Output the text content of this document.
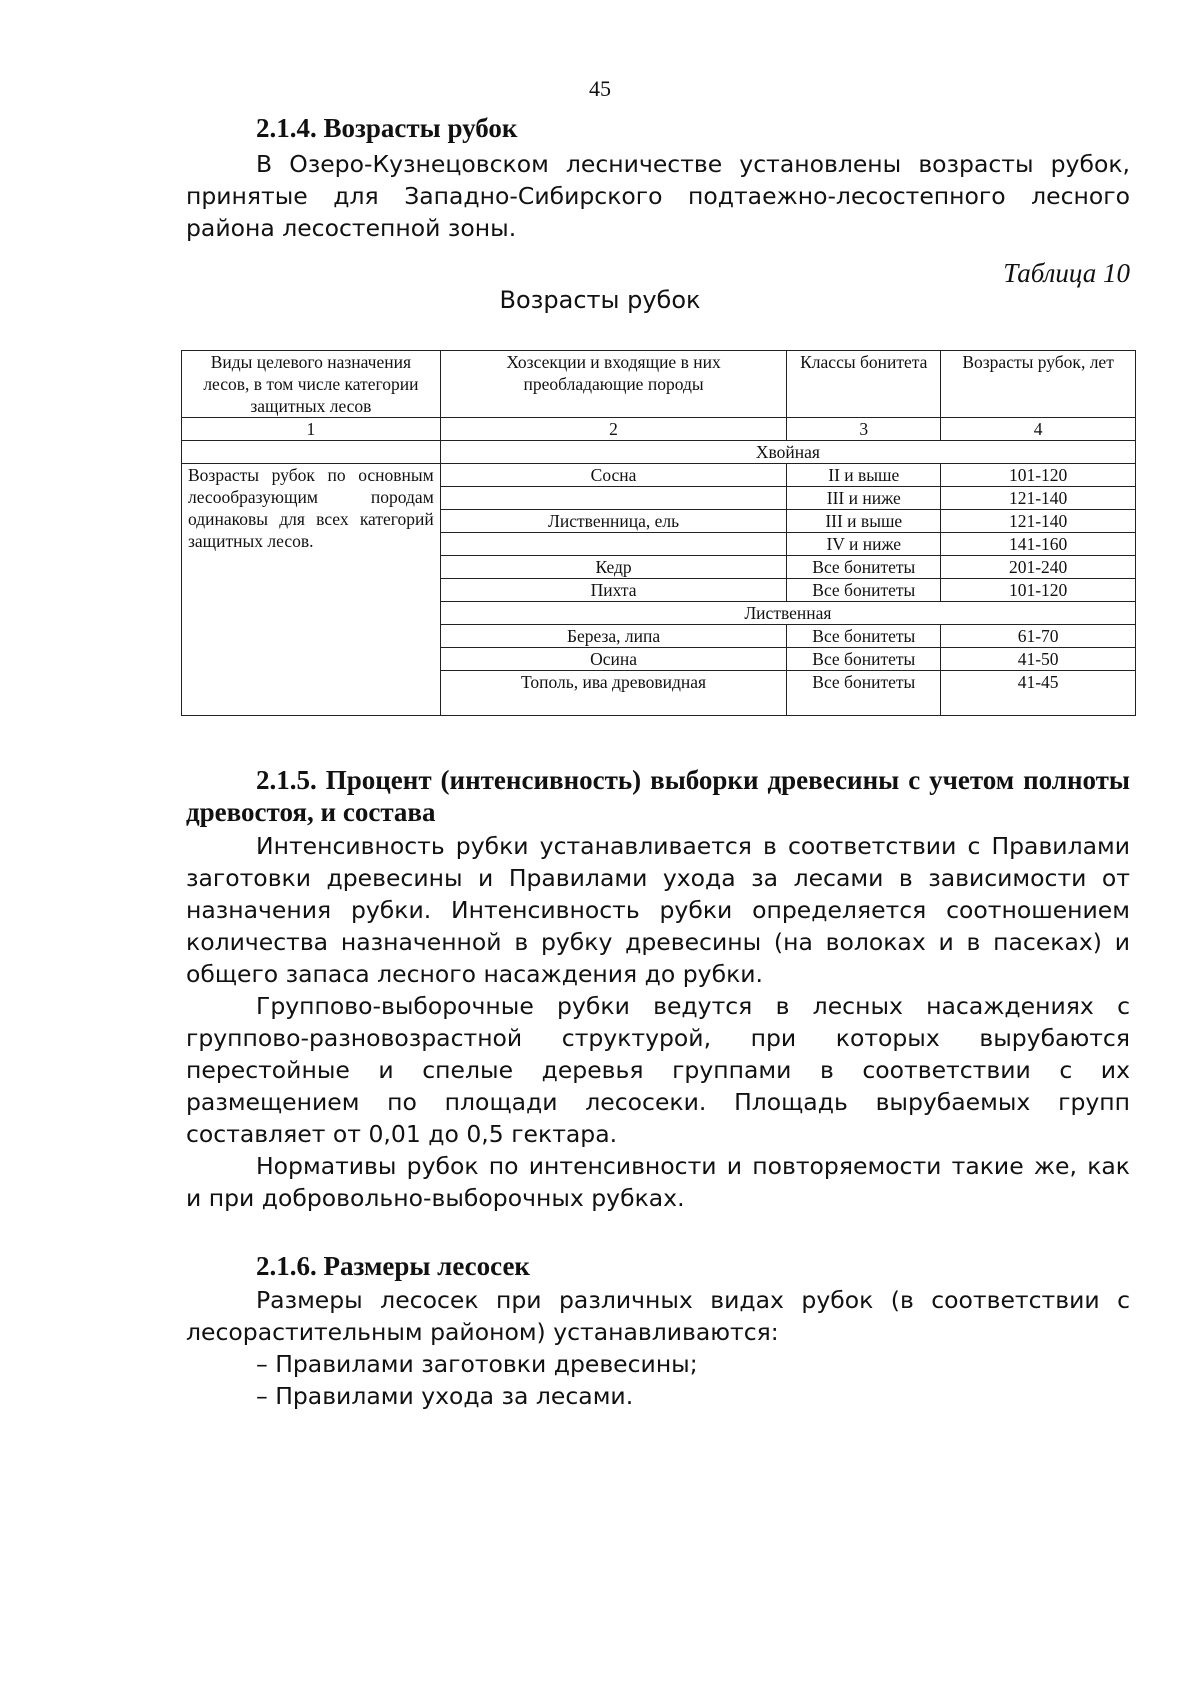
45
2.1.4. Возрасты рубок

В Озеро-Кузнецовском лесничестве установлены возрасты рубок, принятые для Западно-Сибирского подтаежно-лесостепного лесного района лесостепной зоны.

Таблица 10
Возрасты рубок
Виды целевого назначения лесов, в том числе категории защитных лесов	Хозсекции и входящие в них преобладающие породы	Классы бонитета	Возрасты рубок, лет
1	2	3	4
	Хвойная		
Возрасты рубок по основным лесообразующим породам одинаковы для всех категорий защитных лесов.	Сосна	II и выше	101-120
		III и ниже	121-140
	Лиственница, ель	III и выше	121-140
		IV и ниже	141-160
	Кедр	Все бонитеты	201-240
	Пихта	Все бонитеты	101-120
	Лиственная		
	Береза, липа	Все бонитеты	61-70
	Осина	Все бонитеты	41-50
	Тополь, ива древовидная	Все бонитеты	41-45
2.1.5. Процент (интенсивность) выборки древесины с учетом полноты древостоя, и состава

Интенсивность рубки устанавливается в соответствии с Правилами заготовки древесины и Правилами ухода за лесами в зависимости от назначения рубки. Интенсивность рубки определяется соотношением количества назначенной в рубку древесины (на волоках и в пасеках) и общего запаса лесного насаждения до рубки.

Группово-выборочные рубки ведутся в лесных насаждениях с группово-разновозрастной структурой, при которых вырубаются перестойные и спелые деревья группами в соответствии с их размещением по площади лесосеки. Площадь вырубаемых групп составляет от 0,01 до 0,5 гектара.

Нормативы рубок по интенсивности и повторяемости такие же, как и при добровольно-выборочных рубках.

2.1.6. Размеры лесосек

Размеры лесосек при различных видах рубок (в соответствии с лесорастительным районом) устанавливаются:

– Правилами заготовки древесины;
– Правилами ухода за лесами.
